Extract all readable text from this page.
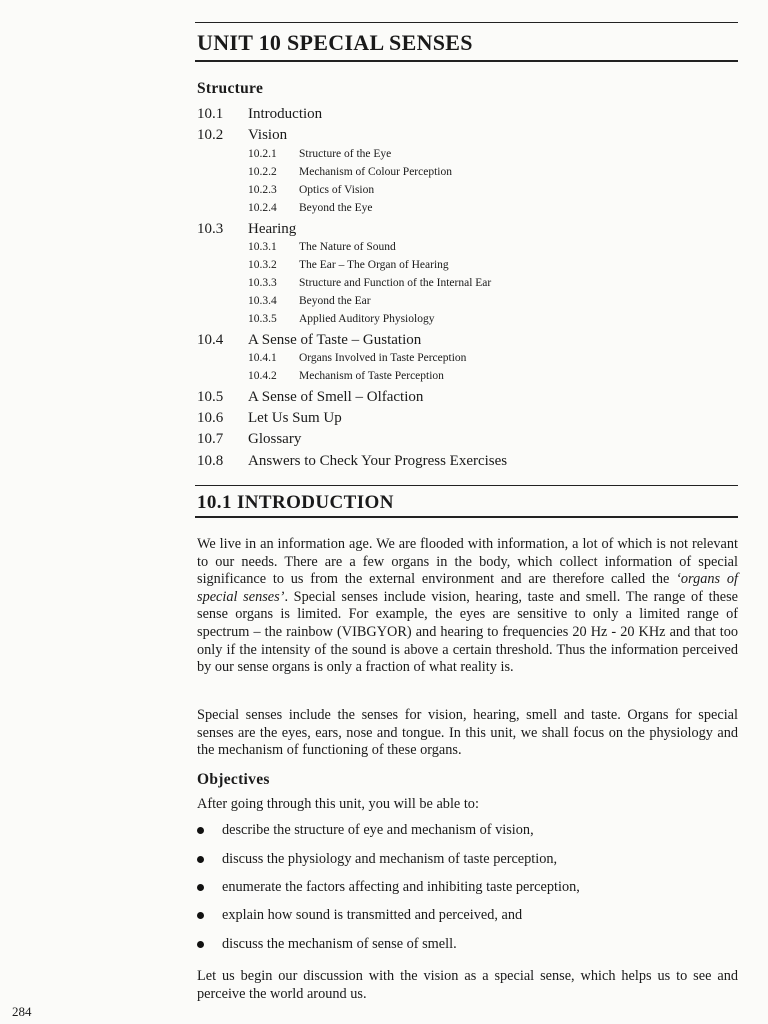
UNIT 10 SPECIAL SENSES
Structure
10.1 Introduction
10.2 Vision
10.2.1 Structure of the Eye
10.2.2 Mechanism of Colour Perception
10.2.3 Optics of Vision
10.2.4 Beyond the Eye
10.3 Hearing
10.3.1 The Nature of Sound
10.3.2 The Ear – The Organ of Hearing
10.3.3 Structure and Function of the Internal Ear
10.3.4 Beyond the Ear
10.3.5 Applied Auditory Physiology
10.4 A Sense of Taste – Gustation
10.4.1 Organs Involved in Taste Perception
10.4.2 Mechanism of Taste Perception
10.5 A Sense of Smell – Olfaction
10.6 Let Us Sum Up
10.7 Glossary
10.8 Answers to Check Your Progress Exercises
10.1 INTRODUCTION

We live in an information age. We are flooded with information, a lot of which is not relevant to our needs. There are a few organs in the body, which collect information of special significance to us from the external environment and are therefore called the ‘organs of special senses’. Special senses include vision, hearing, taste and smell. The range of these sense organs is limited. For example, the eyes are sensitive to only a limited range of spectrum – the rainbow (VIBGYOR) and hearing to frequencies 20 Hz - 20 KHz and that too only if the intensity of the sound is above a certain threshold. Thus the information perceived by our sense organs is only a fraction of what reality is.

Special senses include the senses for vision, hearing, smell and taste. Organs for special senses are the eyes, ears, nose and tongue. In this unit, we shall focus on the physiology and the mechanism of functioning of these organs.

Objectives

After going through this unit, you will be able to:

describe the structure of eye and mechanism of vision,
discuss the physiology and mechanism of taste perception,
enumerate the factors affecting and inhibiting taste perception,
explain how sound is transmitted and perceived, and
discuss the mechanism of sense of smell.

Let us begin our discussion with the vision as a special sense, which helps us to see and perceive the world around us.

284
